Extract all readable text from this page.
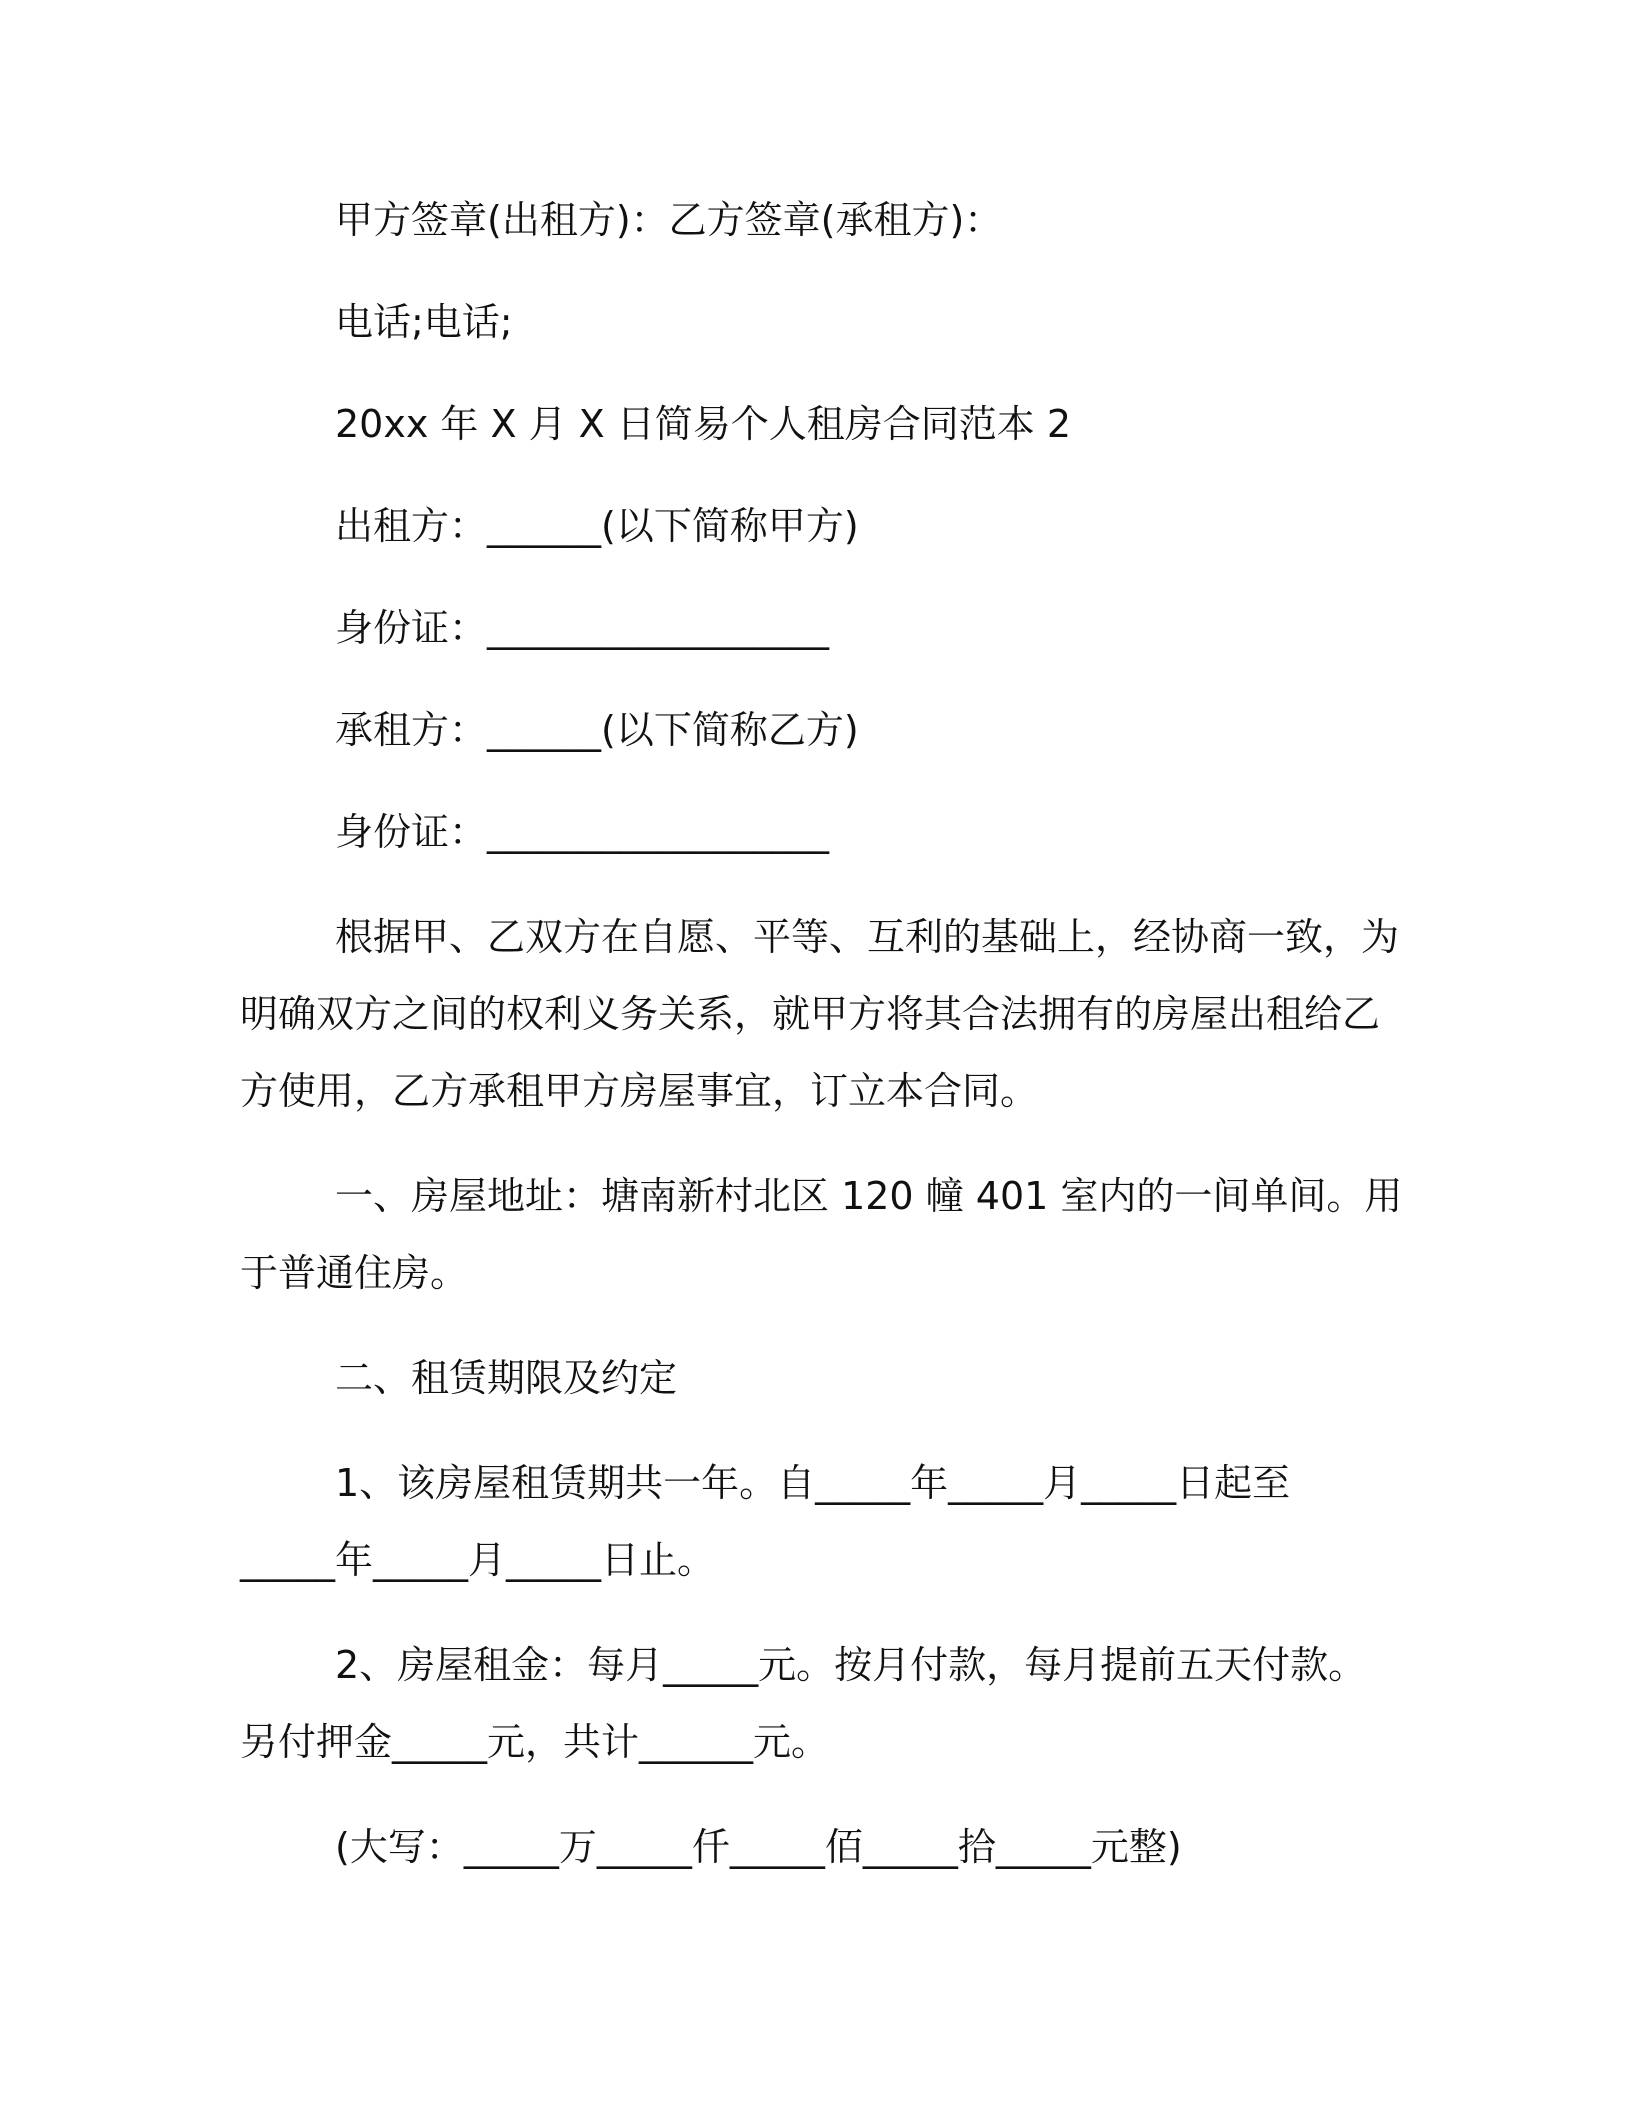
甲方签章(出租方)：乙方签章(承租方)：
电话;电话;
20xx 年 X 月 X 日简易个人租房合同范本 2
出租方：______(以下简称甲方)
身份证：__________________
承租方：______(以下简称乙方)
身份证：__________________
根据甲、乙双方在自愿、平等、互利的基础上，经协商一致，为
明确双方之间的权利义务关系，就甲方将其合法拥有的房屋出租给乙
方使用，乙方承租甲方房屋事宜，订立本合同。
一、房屋地址：塘南新村北区 120 幢 401 室内的一间单间。用
于普通住房。
二、租赁期限及约定
1、该房屋租赁期共一年。自_____年_____月_____日起至
_____年_____月_____日止。
2、房屋租金：每月_____元。按月付款，每月提前五天付款。
另付押金_____元，共计______元。
(大写：_____万_____仟_____佰_____拾_____元整)
